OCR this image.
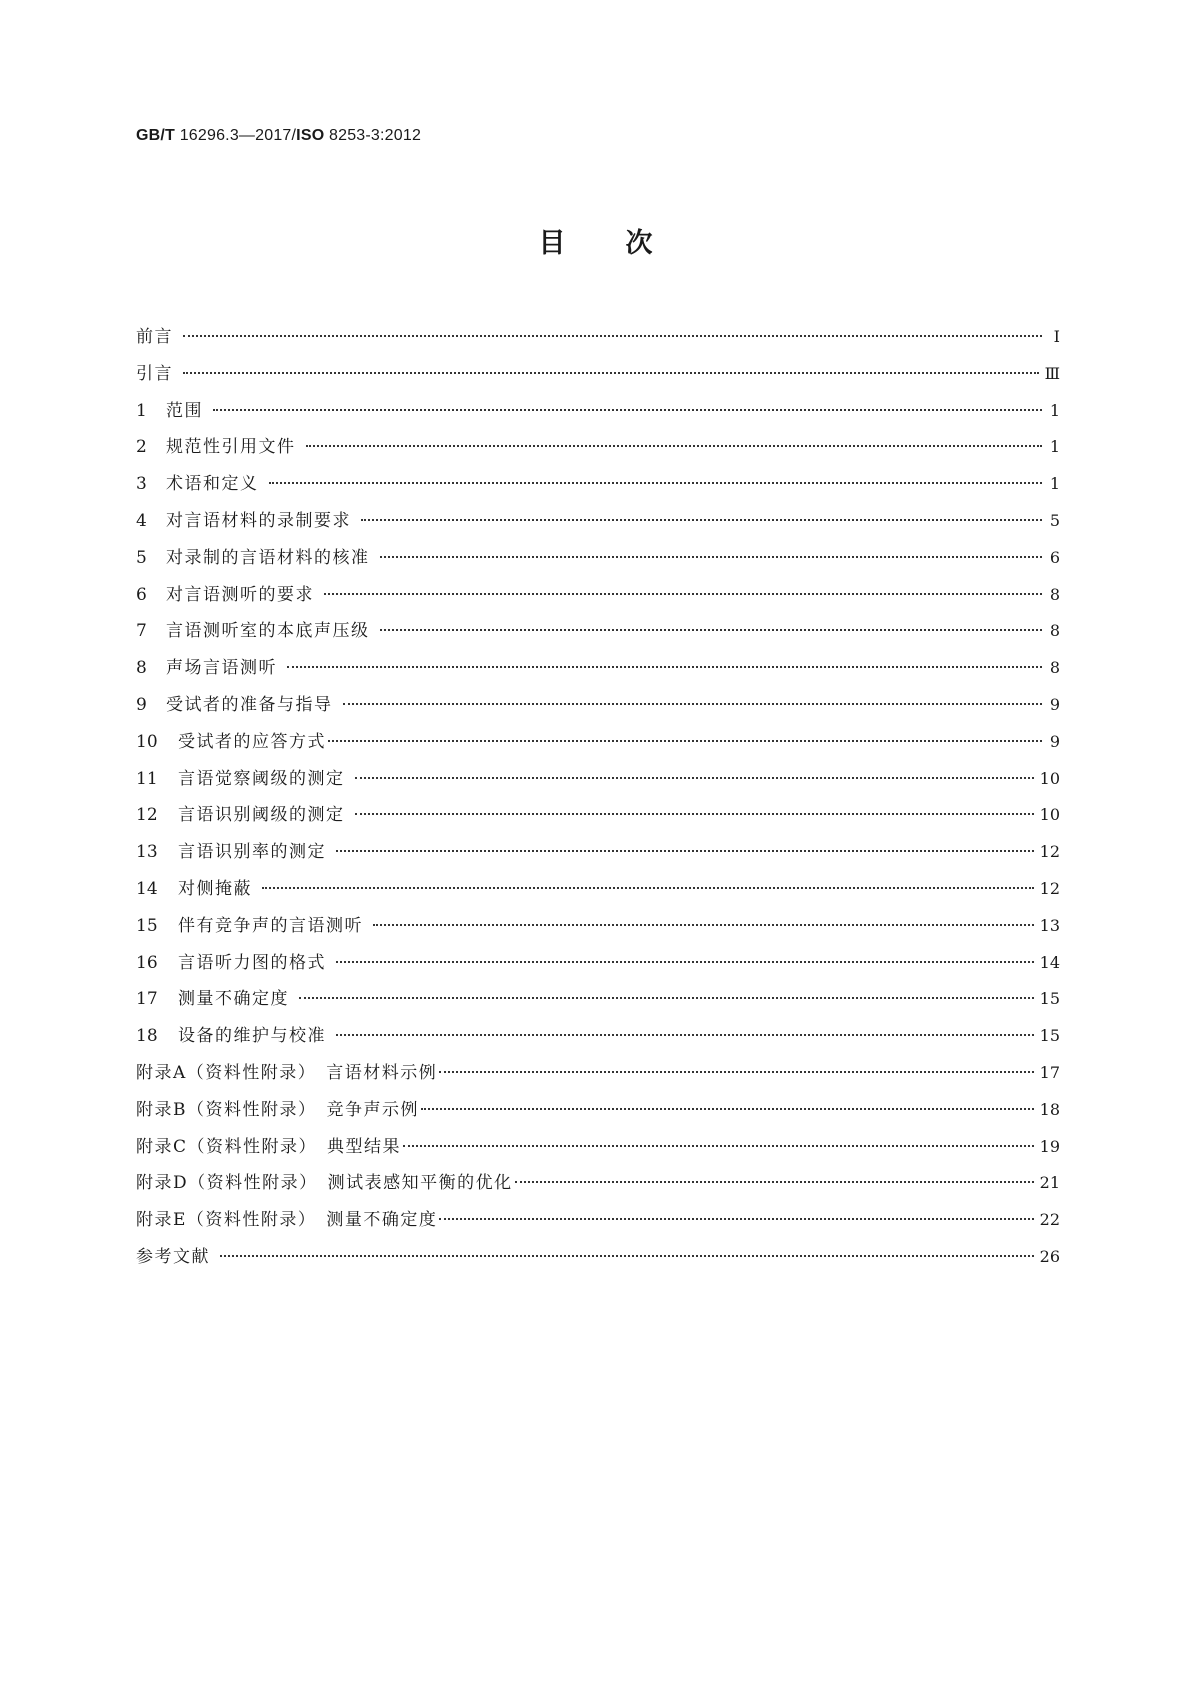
GB/T 16296.3—2017/ISO 8253-3:2012
目次
前言	Ⅰ
引言	Ⅲ
1	范围	1
2	规范性引用文件	1
3	术语和定义	1
4	对言语材料的录制要求	5
5	对录制的言语材料的核准	6
6	对言语测听的要求	8
7	言语测听室的本底声压级	8
8	声场言语测听	8
9	受试者的准备与指导	9
10	受试者的应答方式	9
11	言语觉察阈级的测定	10
12	言语识别阈级的测定	10
13	言语识别率的测定	12
14	对侧掩蔽	12
15	伴有竞争声的言语测听	13
16	言语听力图的格式	14
17	测量不确定度	15
18	设备的维护与校准	15
附录A（资料性附录）　言语材料示例	17
附录B（资料性附录）　竞争声示例	18
附录C（资料性附录）　典型结果	19
附录D（资料性附录）　测试表感知平衡的优化	21
附录E（资料性附录）　测量不确定度	22
参考文献	26
